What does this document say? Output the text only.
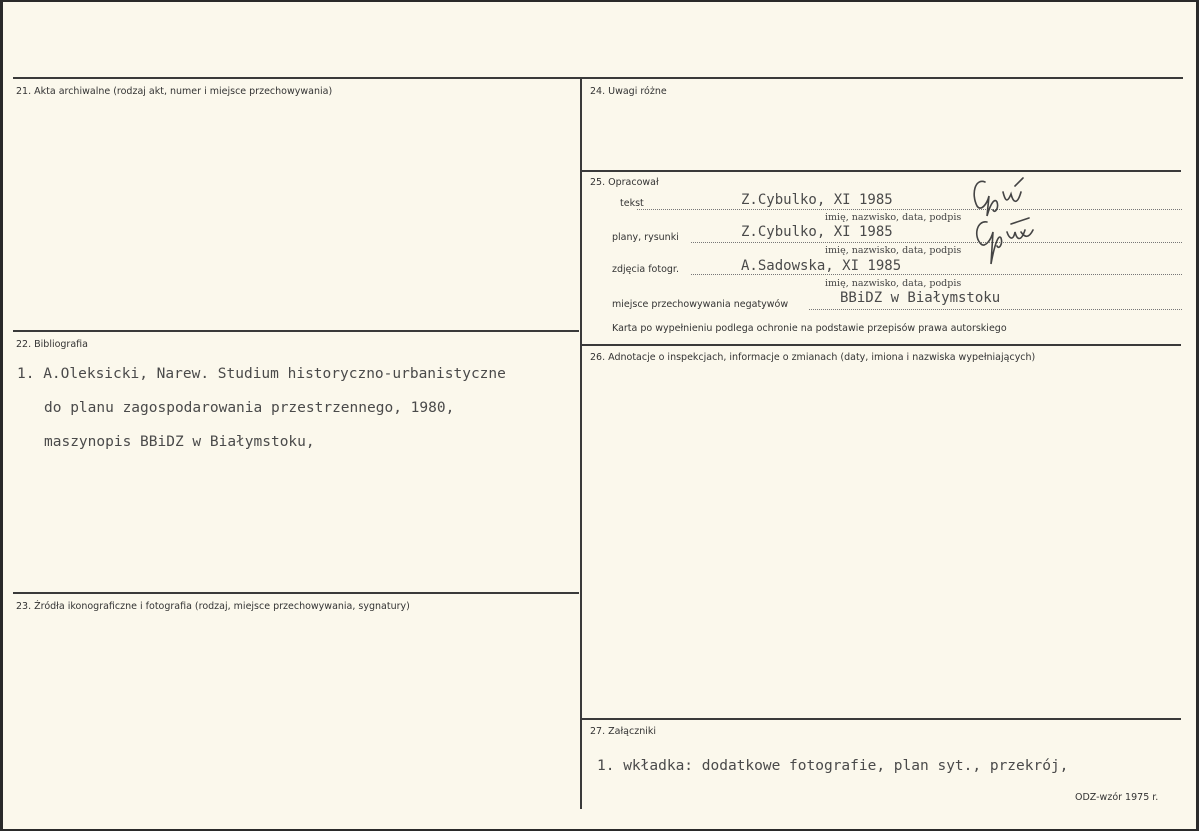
21. Akta archiwalne (rodzaj akt, numer i miejsce przechowywania)
22. Bibliografia
1. A.Oleksicki, Narew. Studium historyczno-urbanistyczne
do planu zagospodarowania przestrzennego, 1980,
maszynopis BBiDZ w Białymstoku,
23. Źródła ikonograficzne i fotografia (rodzaj, miejsce przechowywania, sygnatury)
24. Uwagi różne
25. Opracował
tekst	Z.Cybulko, XI 1985
imię, nazwisko, data, podpis
plany, rysunki	Z.Cybulko, XI 1985
imię, nazwisko, data, podpis
zdjęcia fotogr.	A.Sadowska, XI 1985
imię, nazwisko, data, podpis
miejsce przechowywania negatywów	BBiDZ w Białymstoku
Karta po wypełnieniu podlega ochronie na podstawie przepisów prawa autorskiego
26. Adnotacje o inspekcjach, informacje o zmianach (daty, imiona i nazwiska wypełniających)
27. Załączniki
1. wkładka: dodatkowe fotografie, plan syt., przekrój,
ODZ-wzór 1975 r.
